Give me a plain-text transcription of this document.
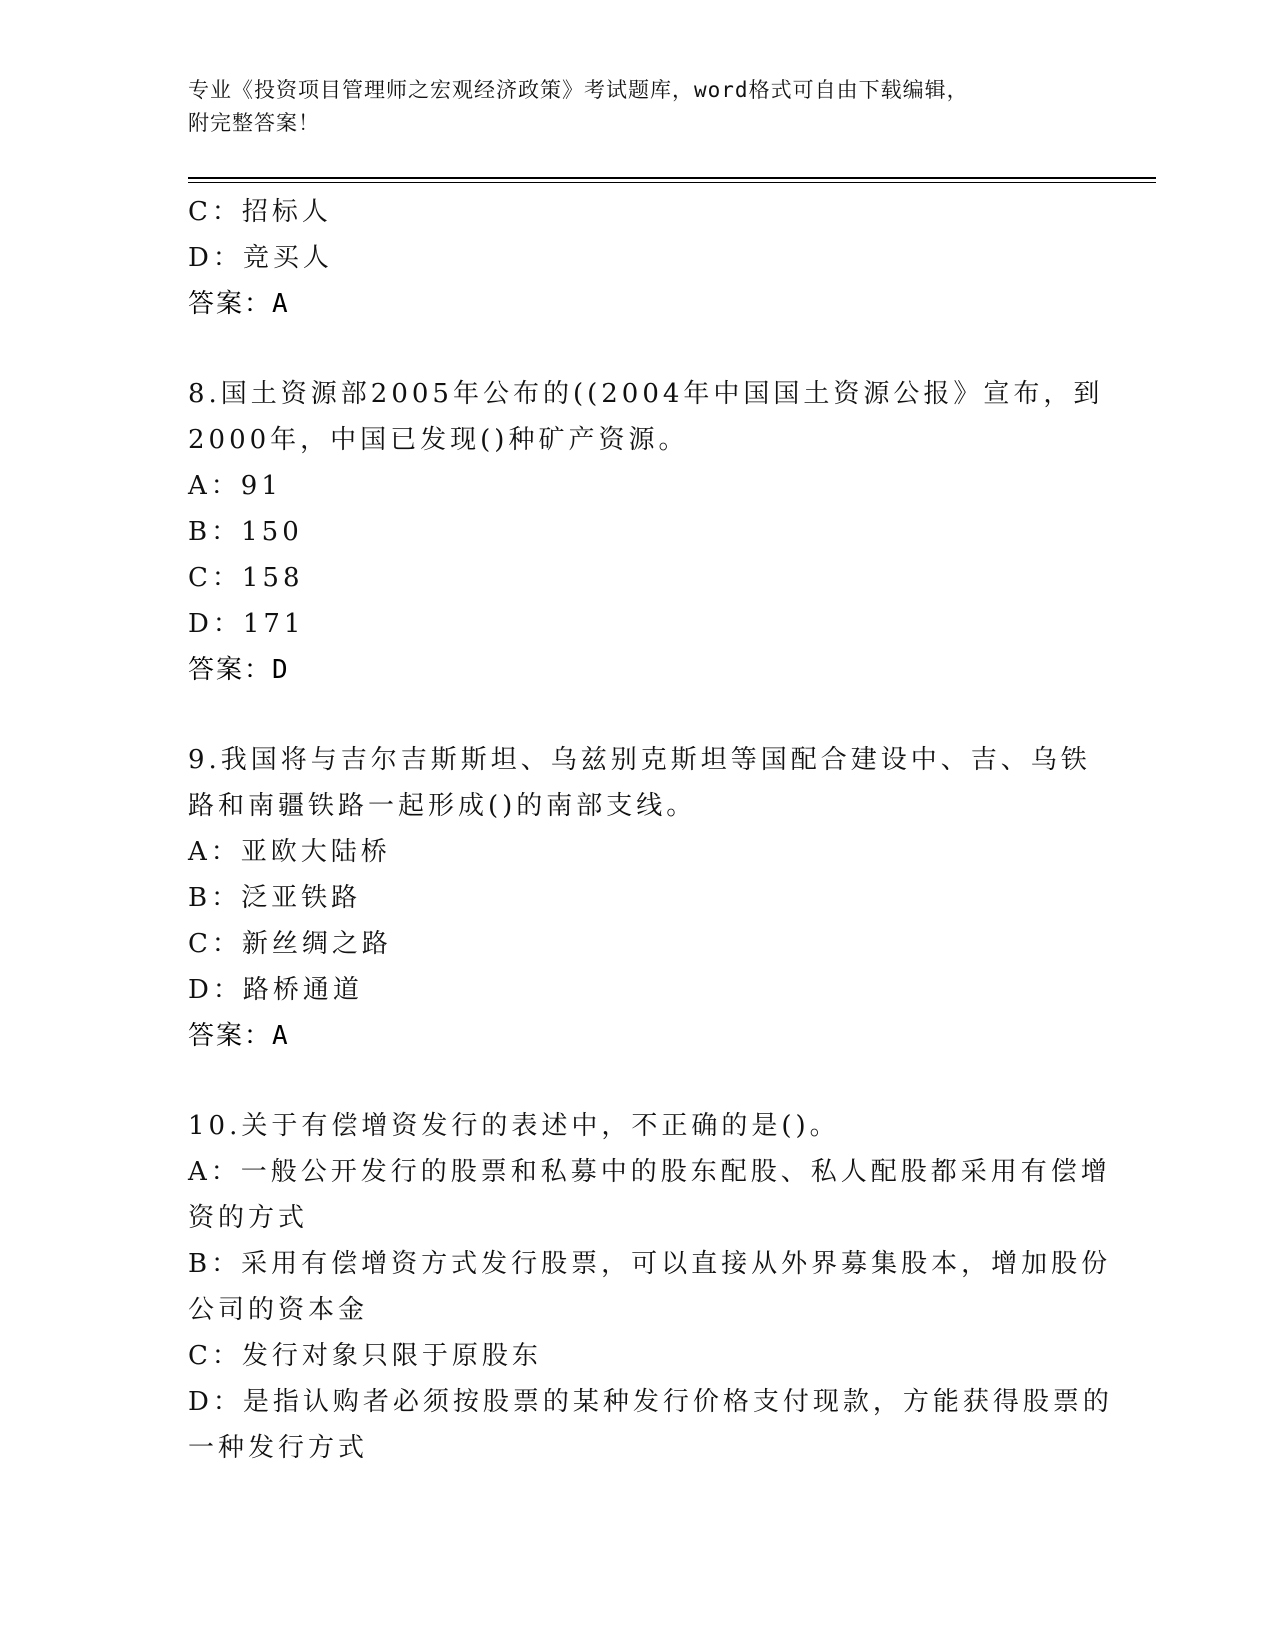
专业《投资项目管理师之宏观经济政策》考试题库，word格式可自由下载编辑，
附完整答案！
C：招标人
D：竞买人
答案：A
8.国土资源部2005年公布的((2004年中国国土资源公报》宣布，到
2000年，中国已发现()种矿产资源。
A：91
B：150
C：158
D：171
答案：D
9.我国将与吉尔吉斯斯坦、乌兹别克斯坦等国配合建设中、吉、乌铁
路和南疆铁路一起形成()的南部支线。
A：亚欧大陆桥
B：泛亚铁路
C：新丝绸之路
D：路桥通道
答案：A
10.关于有偿增资发行的表述中，不正确的是()。
A：一般公开发行的股票和私募中的股东配股、私人配股都采用有偿增
资的方式
B：采用有偿增资方式发行股票，可以直接从外界募集股本，增加股份
公司的资本金
C：发行对象只限于原股东
D：是指认购者必须按股票的某种发行价格支付现款，方能获得股票的
一种发行方式
